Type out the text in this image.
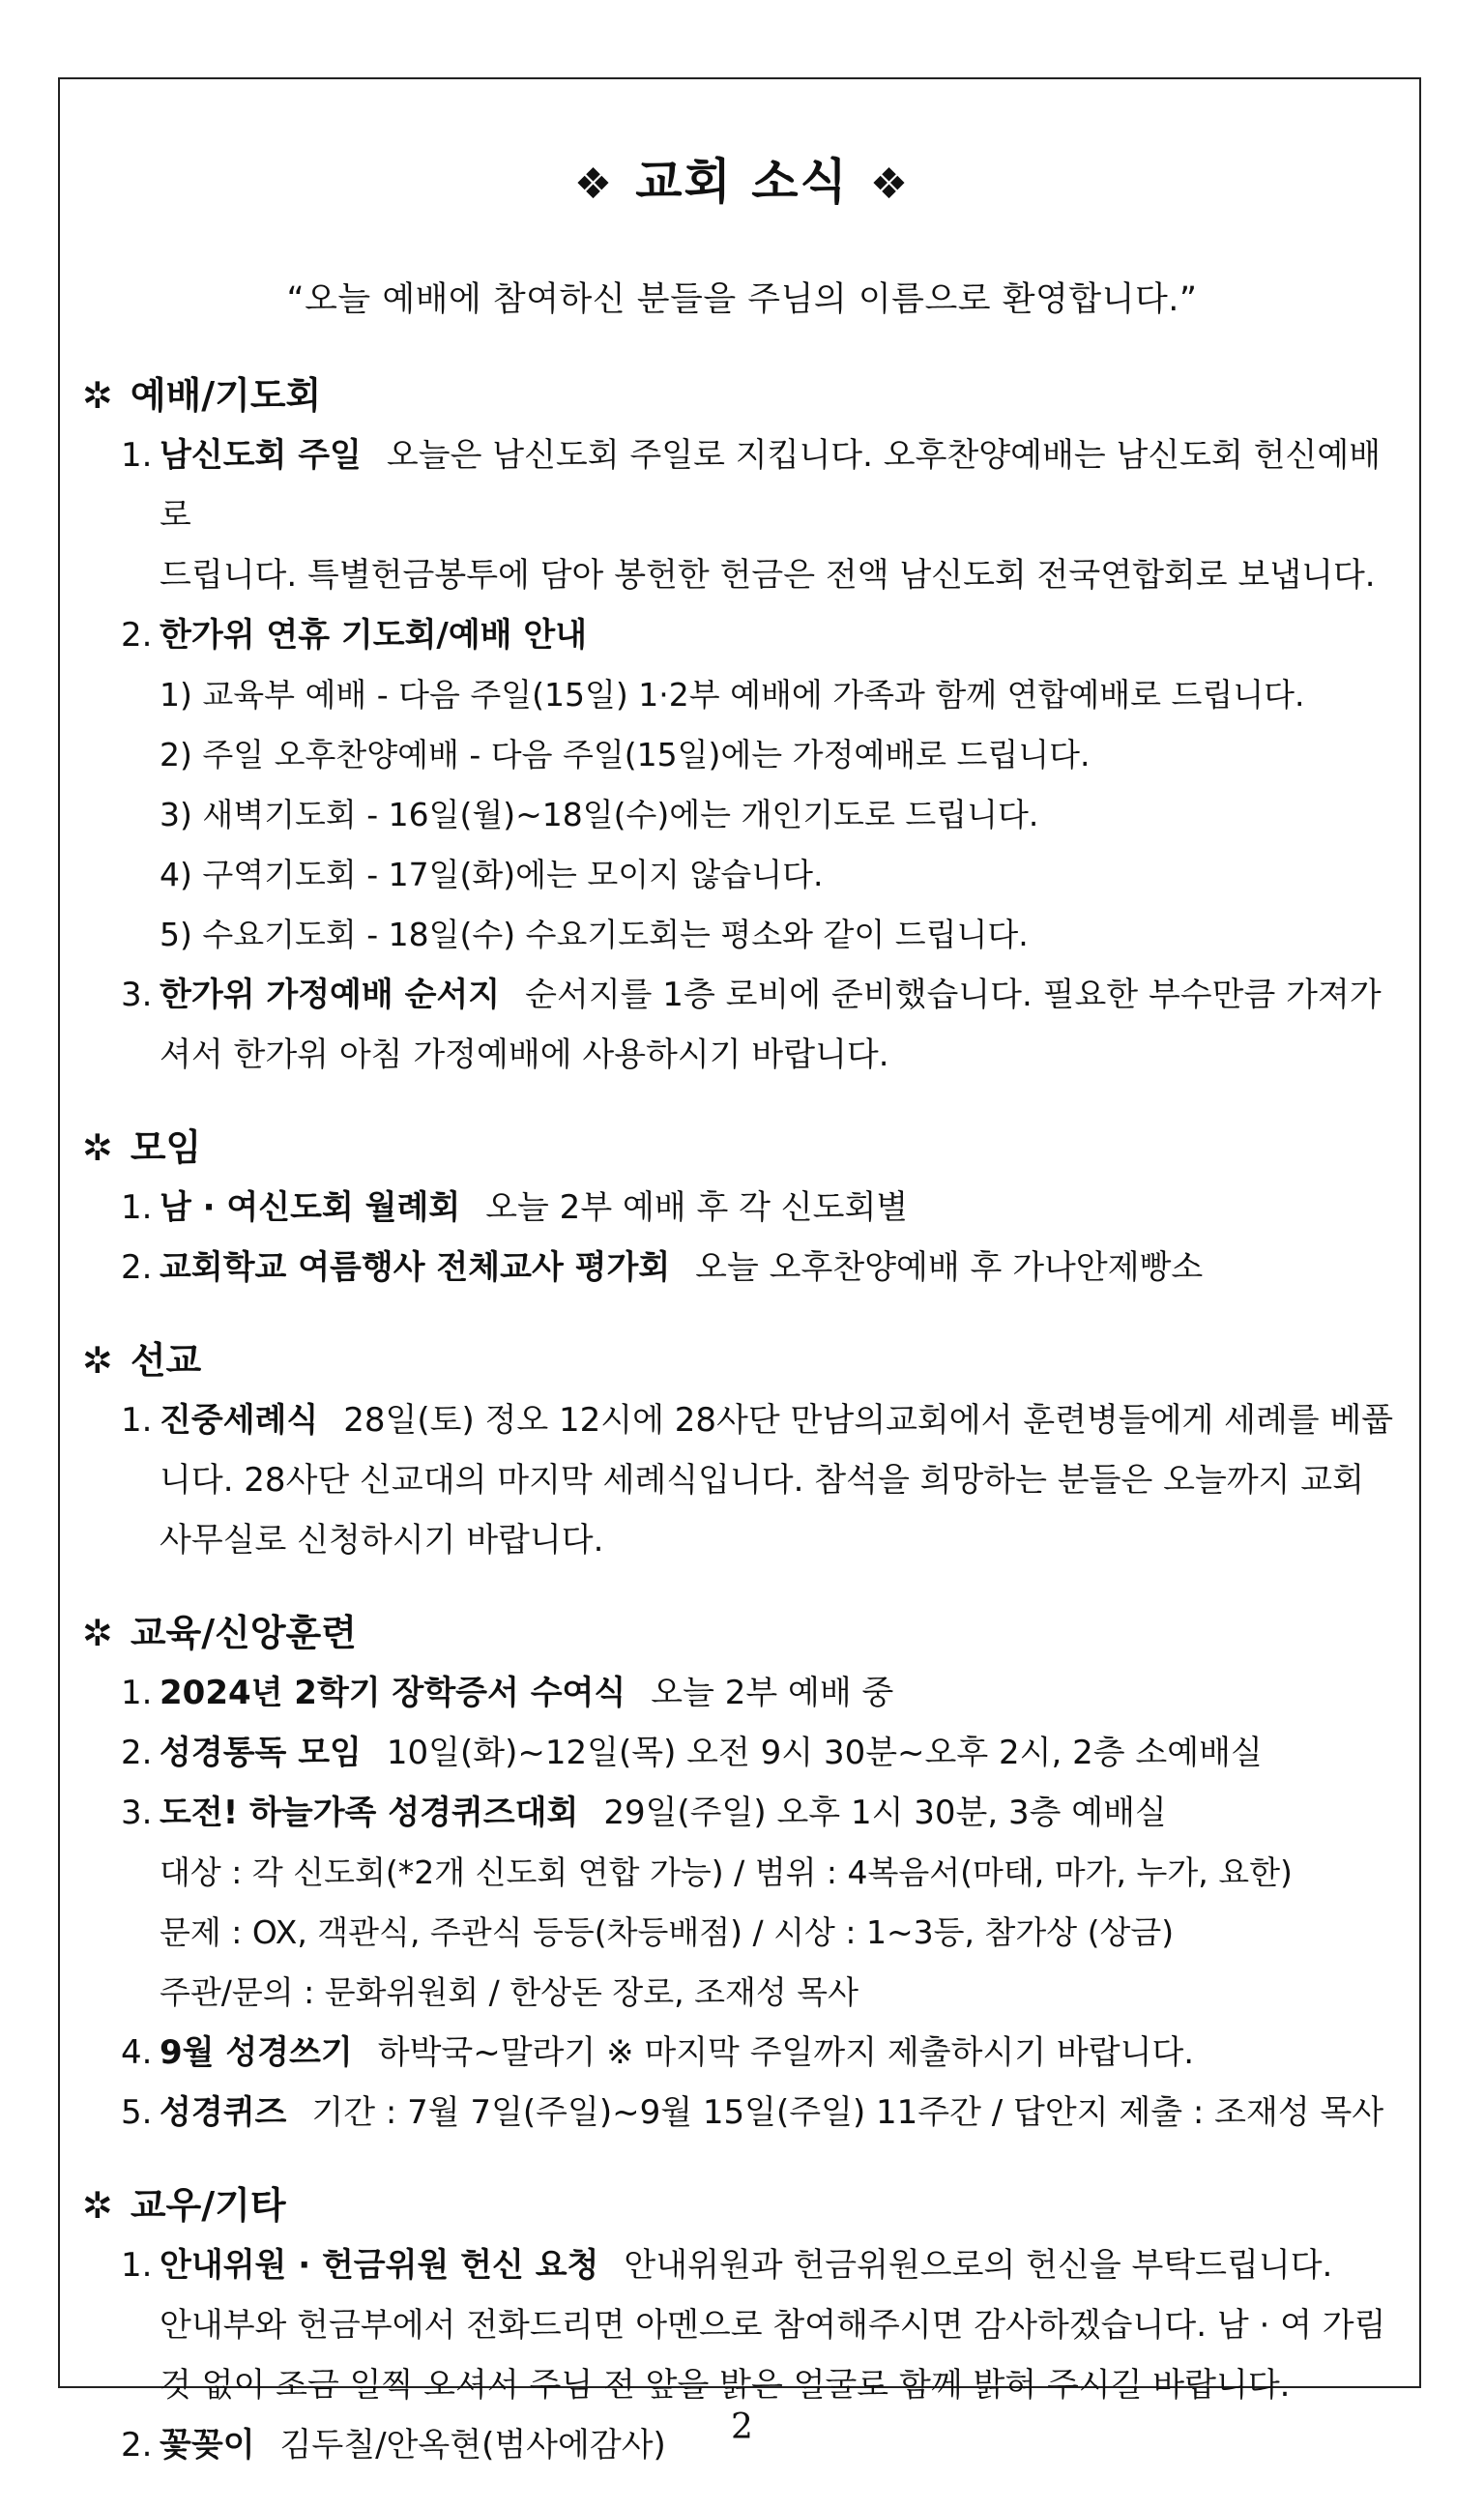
❖ 교회 소식 ❖
“오늘 예배에 참여하신 분들을 주님의 이름으로 환영합니다.”
✲ 예배/기도회
1. 남신도회 주일 오늘은 남신도회 주일로 지킵니다. 오후찬양예배는 남신도회 헌신예배로
드립니다. 특별헌금봉투에 담아 봉헌한 헌금은 전액 남신도회 전국연합회로 보냅니다.
2. 한가위 연휴 기도회/예배 안내
1) 교육부 예배 - 다음 주일(15일) 1·2부 예배에 가족과 함께 연합예배로 드립니다.
2) 주일 오후찬양예배 - 다음 주일(15일)에는 가정예배로 드립니다.
3) 새벽기도회 - 16일(월)~18일(수)에는 개인기도로 드립니다.
4) 구역기도회 - 17일(화)에는 모이지 않습니다.
5) 수요기도회 - 18일(수) 수요기도회는 평소와 같이 드립니다.
3. 한가위 가정예배 순서지 순서지를 1층 로비에 준비했습니다. 필요한 부수만큼 가져가
셔서 한가위 아침 가정예배에 사용하시기 바랍니다.
✲ 모임
1. 남 · 여신도회 월례회 오늘 2부 예배 후 각 신도회별
2. 교회학교 여름행사 전체교사 평가회 오늘 오후찬양예배 후 가나안제빵소
✲ 선교
1. 진중세례식 28일(토) 정오 12시에 28사단 만남의교회에서 훈련병들에게 세례를 베풉
니다. 28사단 신교대의 마지막 세례식입니다. 참석을 희망하는 분들은 오늘까지 교회
사무실로 신청하시기 바랍니다.
✲ 교육/신앙훈련
1. 2024년 2학기 장학증서 수여식 오늘 2부 예배 중
2. 성경통독 모임 10일(화)~12일(목) 오전 9시 30분~오후 2시, 2층 소예배실
3. 도전! 하늘가족 성경퀴즈대회 29일(주일) 오후 1시 30분, 3층 예배실
대상 : 각 신도회(*2개 신도회 연합 가능) / 범위 : 4복음서(마태, 마가, 누가, 요한)
문제 : OX, 객관식, 주관식 등등(차등배점) / 시상 : 1~3등, 참가상 (상금)
주관/문의 : 문화위원회 / 한상돈 장로, 조재성 목사
4. 9월 성경쓰기 하박국~말라기 ※ 마지막 주일까지 제출하시기 바랍니다.
5. 성경퀴즈 기간 : 7월 7일(주일)~9월 15일(주일) 11주간 / 답안지 제출 : 조재성 목사
✲ 교우/기타
1. 안내위원 · 헌금위원 헌신 요청 안내위원과 헌금위원으로의 헌신을 부탁드립니다.
안내부와 헌금부에서 전화드리면 아멘으로 참여해주시면 감사하겠습니다. 남 · 여 가림
것 없이 조금 일찍 오셔서 주님 전 앞을 밝은 얼굴로 함께 밝혀 주시길 바랍니다.
2. 꽃꽂이 김두칠/안옥현(범사에감사)	2
